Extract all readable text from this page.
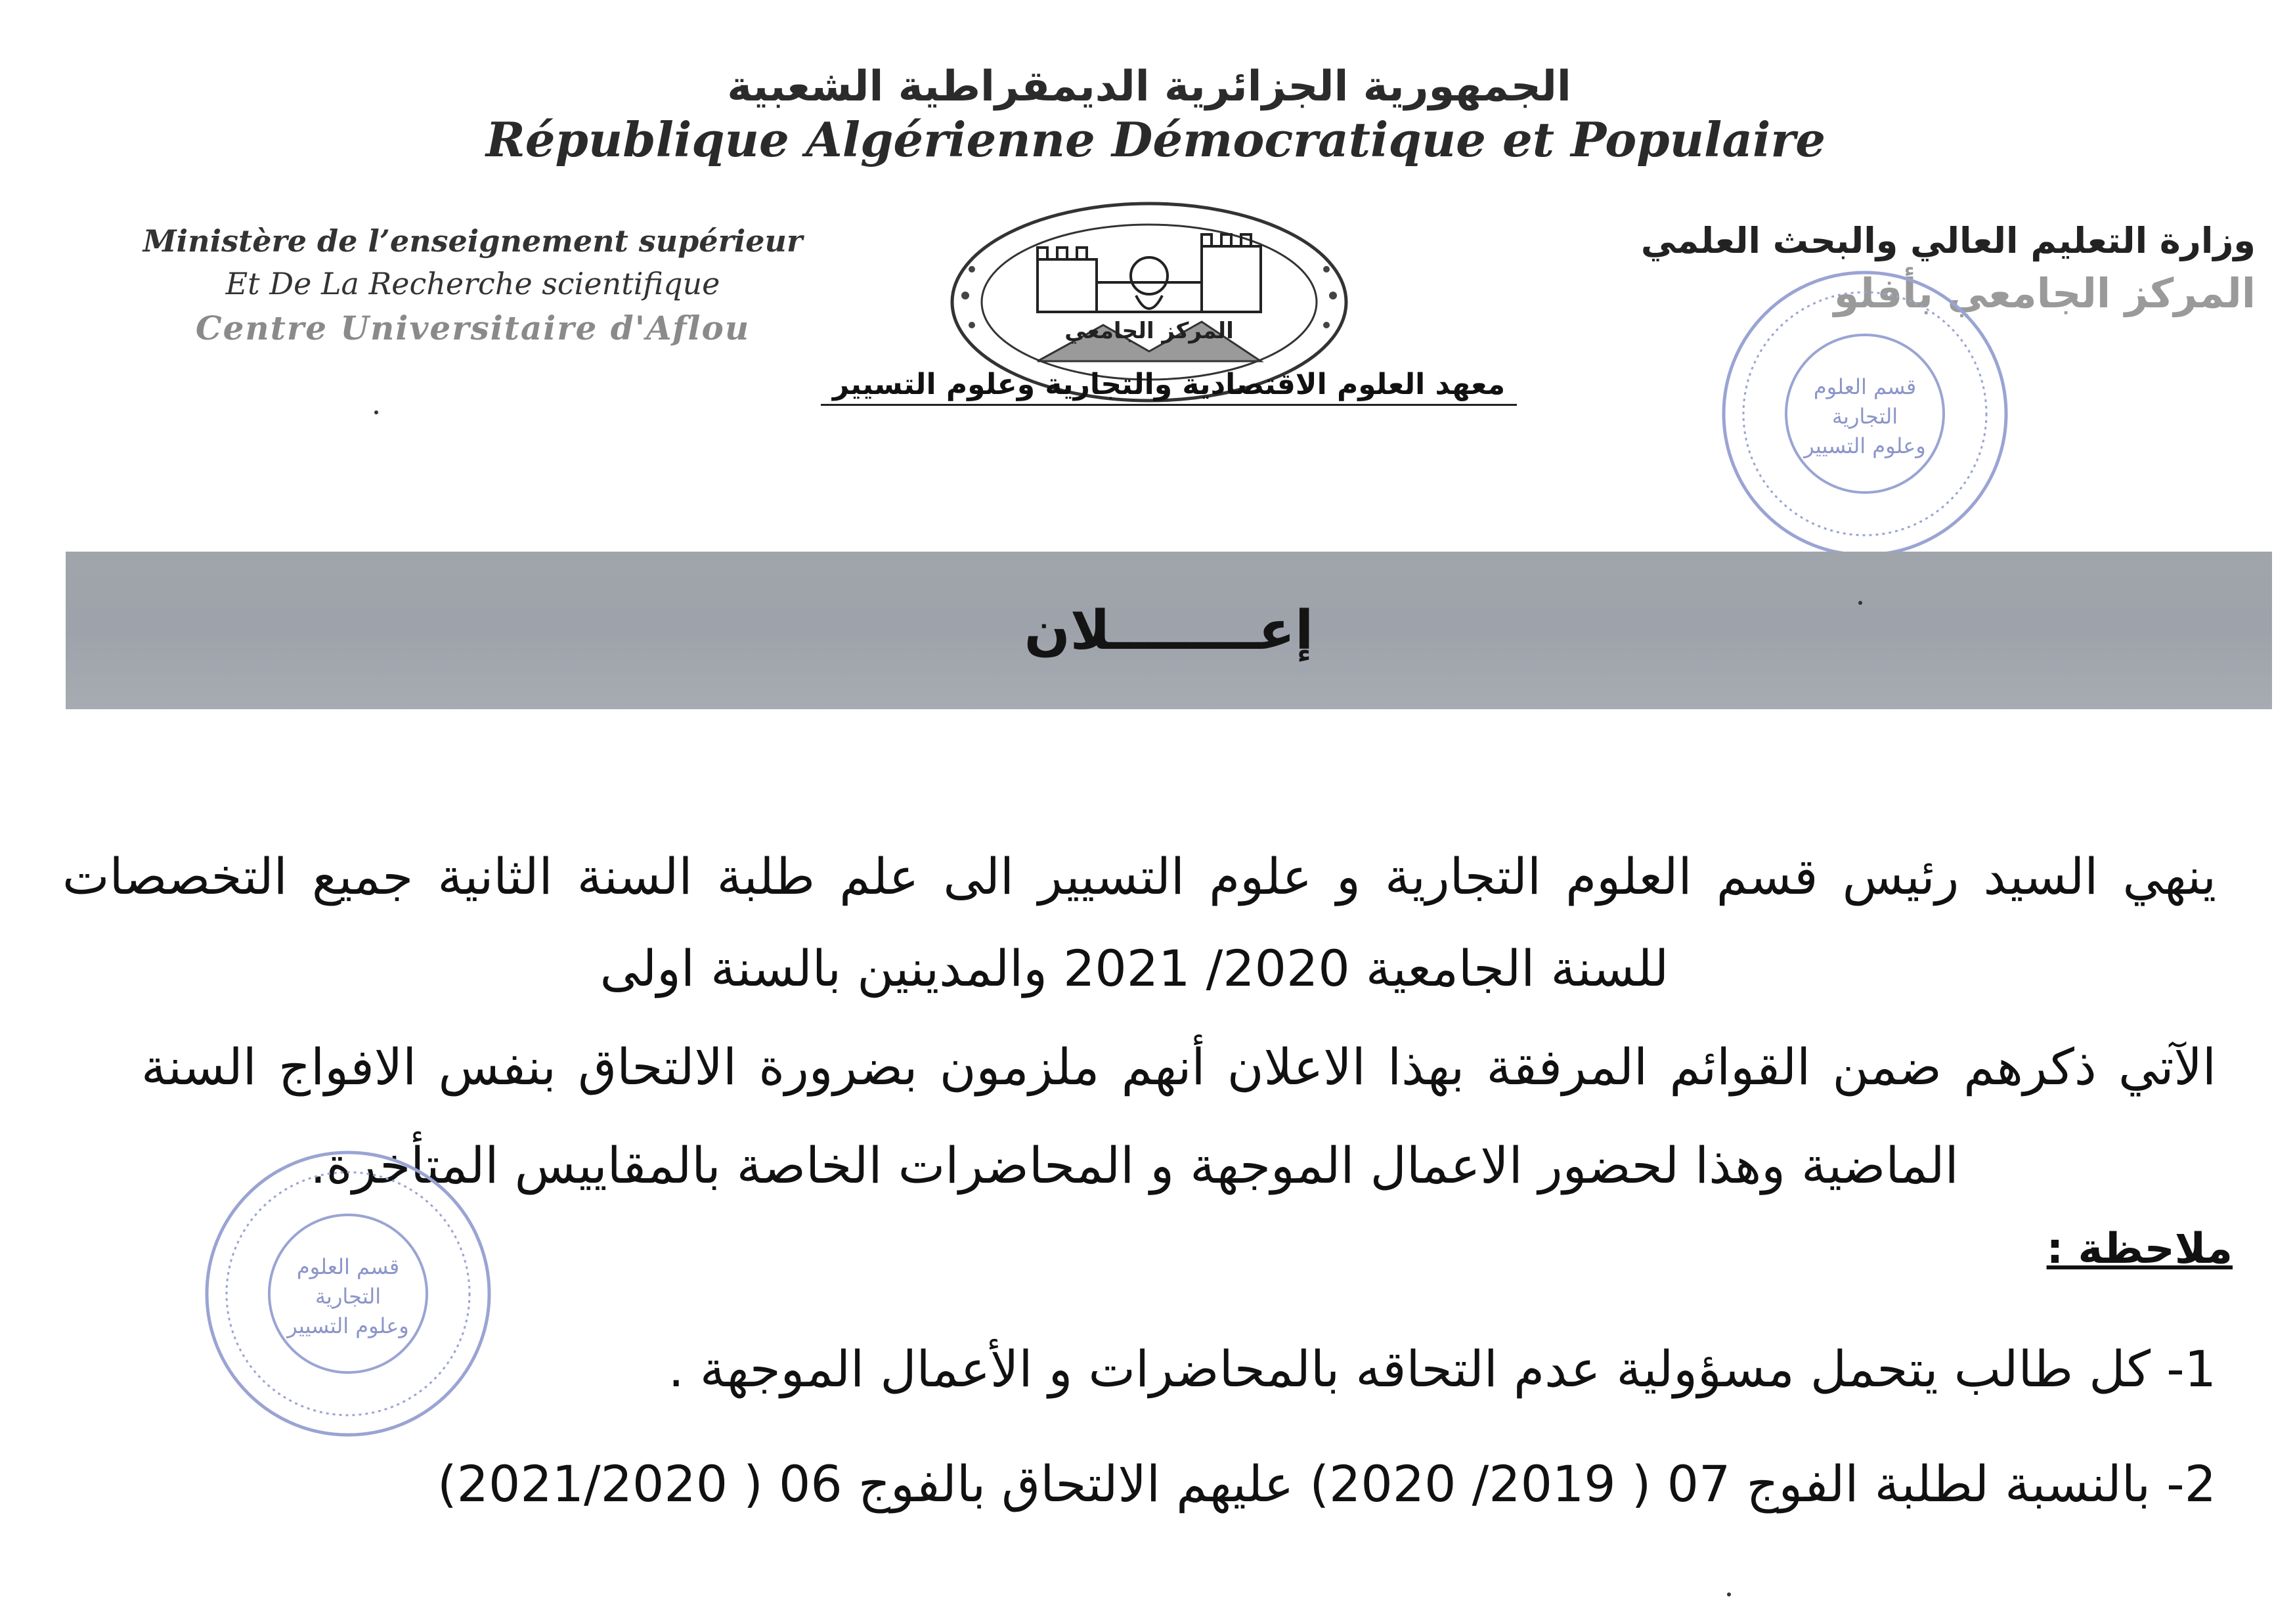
الجمهورية الجزائرية الديمقراطية الشعبية
République Algérienne Démocratique et Populaire
Ministère de l’enseignement supérieur
Et De La Recherche scientifique
Centre Universitaire d'Aflou
وزارة التعليم العالي والبحث العلمي
المركز الجامعي بأفلو
المركز الجامعي
معهد العلوم الاقتصادية والتجارية وعلوم التسيير	قسم العلوم
التجارية
وعلوم التسيير
إعــــــــلان
ينهي السيد رئيس قسم العلوم التجارية و علوم التسيير الى علم طلبة السنة الثانية جميع التخصصات
للسنة الجامعية 2020/ 2021 والمدينين بالسنة اولى
الآتي ذكرهم ضمن القوائم المرفقة بهذا الاعلان أنهم ملزمون بضرورة الالتحاق بنفس الافواج السنة
الماضية وهذا لحضور الاعمال الموجهة و المحاضرات الخاصة بالمقاييس المتأخرة.
قسم العلوم
التجارية
وعلوم التسيير
ملاحظة :
1- كل طالب يتحمل مسؤولية عدم التحاقه بالمحاضرات و الأعمال الموجهة .
2- بالنسبة لطلبة الفوج 07 ( 2019/ 2020) عليهم الالتحاق بالفوج 06 ( 2021/2020)
